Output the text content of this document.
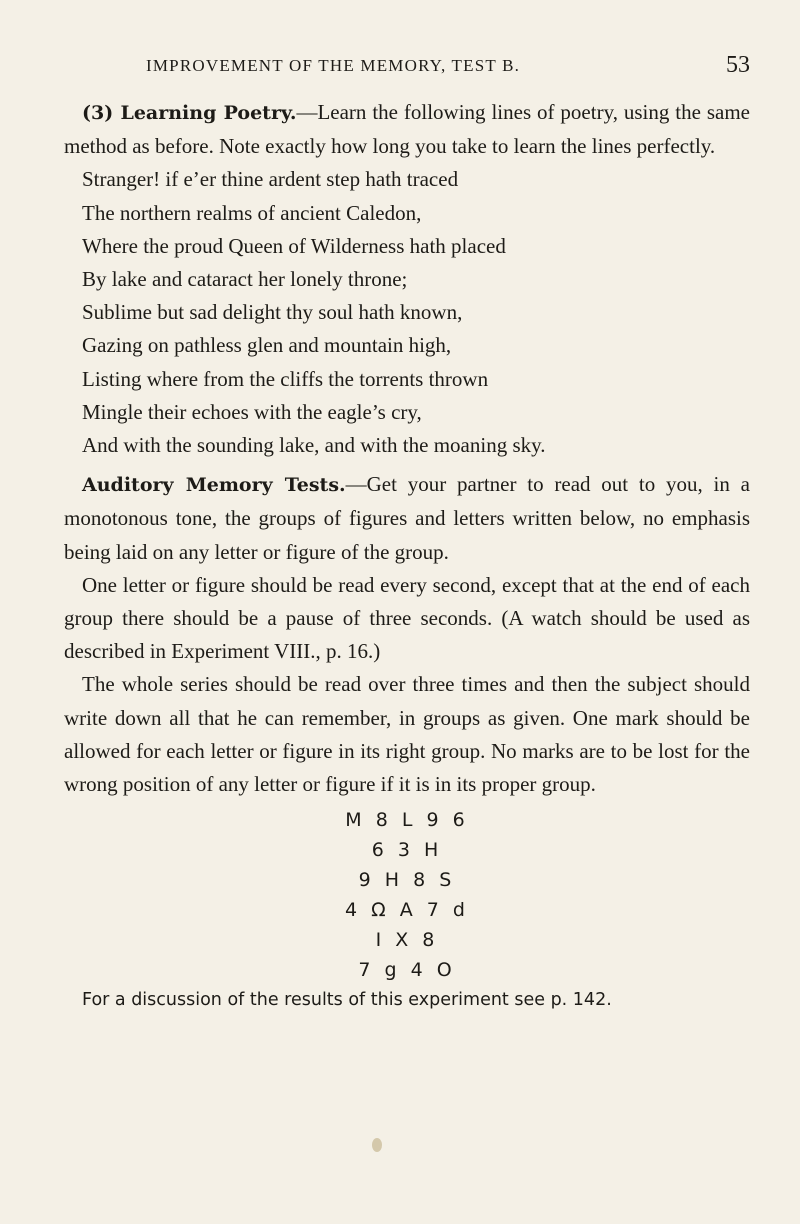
IMPROVEMENT OF THE MEMORY, TEST B.	53

(3) Learning Poetry.—Learn the following lines of poetry, using the same method as before. Note exactly how long you take to learn the lines perfectly.

Stranger! if e’er thine ardent step hath traced
The northern realms of ancient Caledon,
Where the proud Queen of Wilderness hath placed
By lake and cataract her lonely throne;
Sublime but sad delight thy soul hath known,
Gazing on pathless glen and mountain high,
Listing where from the cliffs the torrents thrown
Mingle their echoes with the eagle’s cry,
And with the sounding lake, and with the moaning sky.

Auditory Memory Tests.—Get your partner to read out to you, in a monotonous tone, the groups of figures and letters written below, no emphasis being laid on any letter or figure of the group.

One letter or figure should be read every second, except that at the end of each group there should be a pause of three seconds. (A watch should be used as described in Experiment VIII., p. 16.)

The whole series should be read over three times and then the subject should write down all that he can remember, in groups as given. One mark should be allowed for each letter or figure in its right group. No marks are to be lost for the wrong position of any letter or figure if it is in its proper group.

M 8 L 9 6
6 3 H
9 H 8 S
4 Ω A 7 d
I X 8
7 g 4 O
For a discussion of the results of this experiment see p. 142.
